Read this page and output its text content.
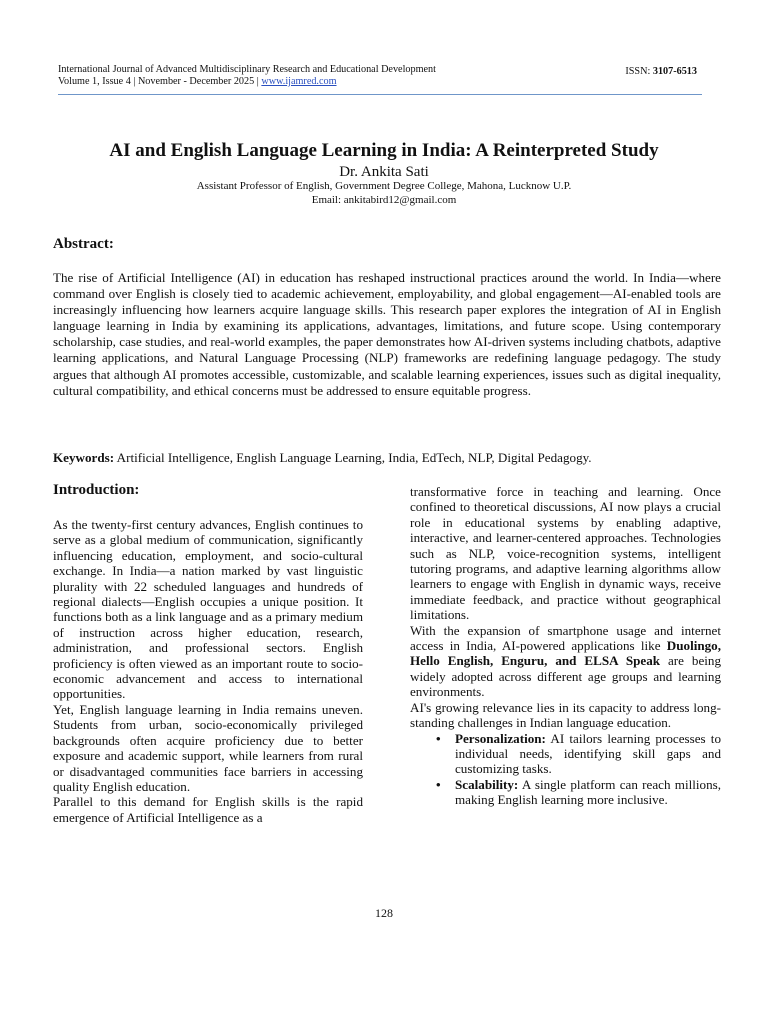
International Journal of Advanced Multidisciplinary Research and Educational Development
Volume 1, Issue 4 | November - December 2025 | www.ijamred.com
ISSN: 3107-6513
AI and English Language Learning in India: A Reinterpreted Study
Dr. Ankita Sati
Assistant Professor of English, Government Degree College, Mahona, Lucknow U.P.
Email: ankitabird12@gmail.com
Abstract:

The rise of Artificial Intelligence (AI) in education has reshaped instructional practices around the world. In India—where command over English is closely tied to academic achievement, employability, and global engagement—AI-enabled tools are increasingly influencing how learners acquire language skills. This research paper explores the integration of AI in English language learning in India by examining its applications, advantages, limitations, and future scope. Using contemporary scholarship, case studies, and real-world examples, the paper demonstrates how AI-driven systems including chatbots, adaptive learning applications, and Natural Language Processing (NLP) frameworks are redefining language pedagogy. The study argues that although AI promotes accessible, customizable, and scalable learning experiences, issues such as digital inequality, cultural compatibility, and ethical concerns must be addressed to ensure equitable progress.

Keywords: Artificial Intelligence, English Language Learning, India, EdTech, NLP, Digital Pedagogy.

Introduction:

As the twenty-first century advances, English continues to serve as a global medium of communication, significantly influencing education, employment, and socio-cultural exchange. In India—a nation marked by vast linguistic plurality with 22 scheduled languages and hundreds of regional dialects—English occupies a unique position. It functions both as a link language and as a primary medium of instruction across higher education, research, administration, and professional sectors. English proficiency is often viewed as an important route to socio-economic advancement and access to international opportunities.

Yet, English language learning in India remains uneven. Students from urban, socio-economically privileged backgrounds often acquire proficiency due to better exposure and academic support, while learners from rural or disadvantaged communities face barriers in accessing quality English education.

Parallel to this demand for English skills is the rapid emergence of Artificial Intelligence as a

transformative force in teaching and learning. Once confined to theoretical discussions, AI now plays a crucial role in educational systems by enabling adaptive, interactive, and learner-centered approaches. Technologies such as NLP, voice-recognition systems, intelligent tutoring programs, and adaptive learning algorithms allow learners to engage with English in dynamic ways, receive immediate feedback, and practice without geographical limitations.

With the expansion of smartphone usage and internet access in India, AI-powered applications like Duolingo, Hello English, Enguru, and ELSA Speak are being widely adopted across different age groups and learning environments.

AI's growing relevance lies in its capacity to address long-standing challenges in Indian language education.

• Personalization: AI tailors learning processes to individual needs, identifying skill gaps and customizing tasks.
• Scalability: A single platform can reach millions, making English learning more inclusive.
128
